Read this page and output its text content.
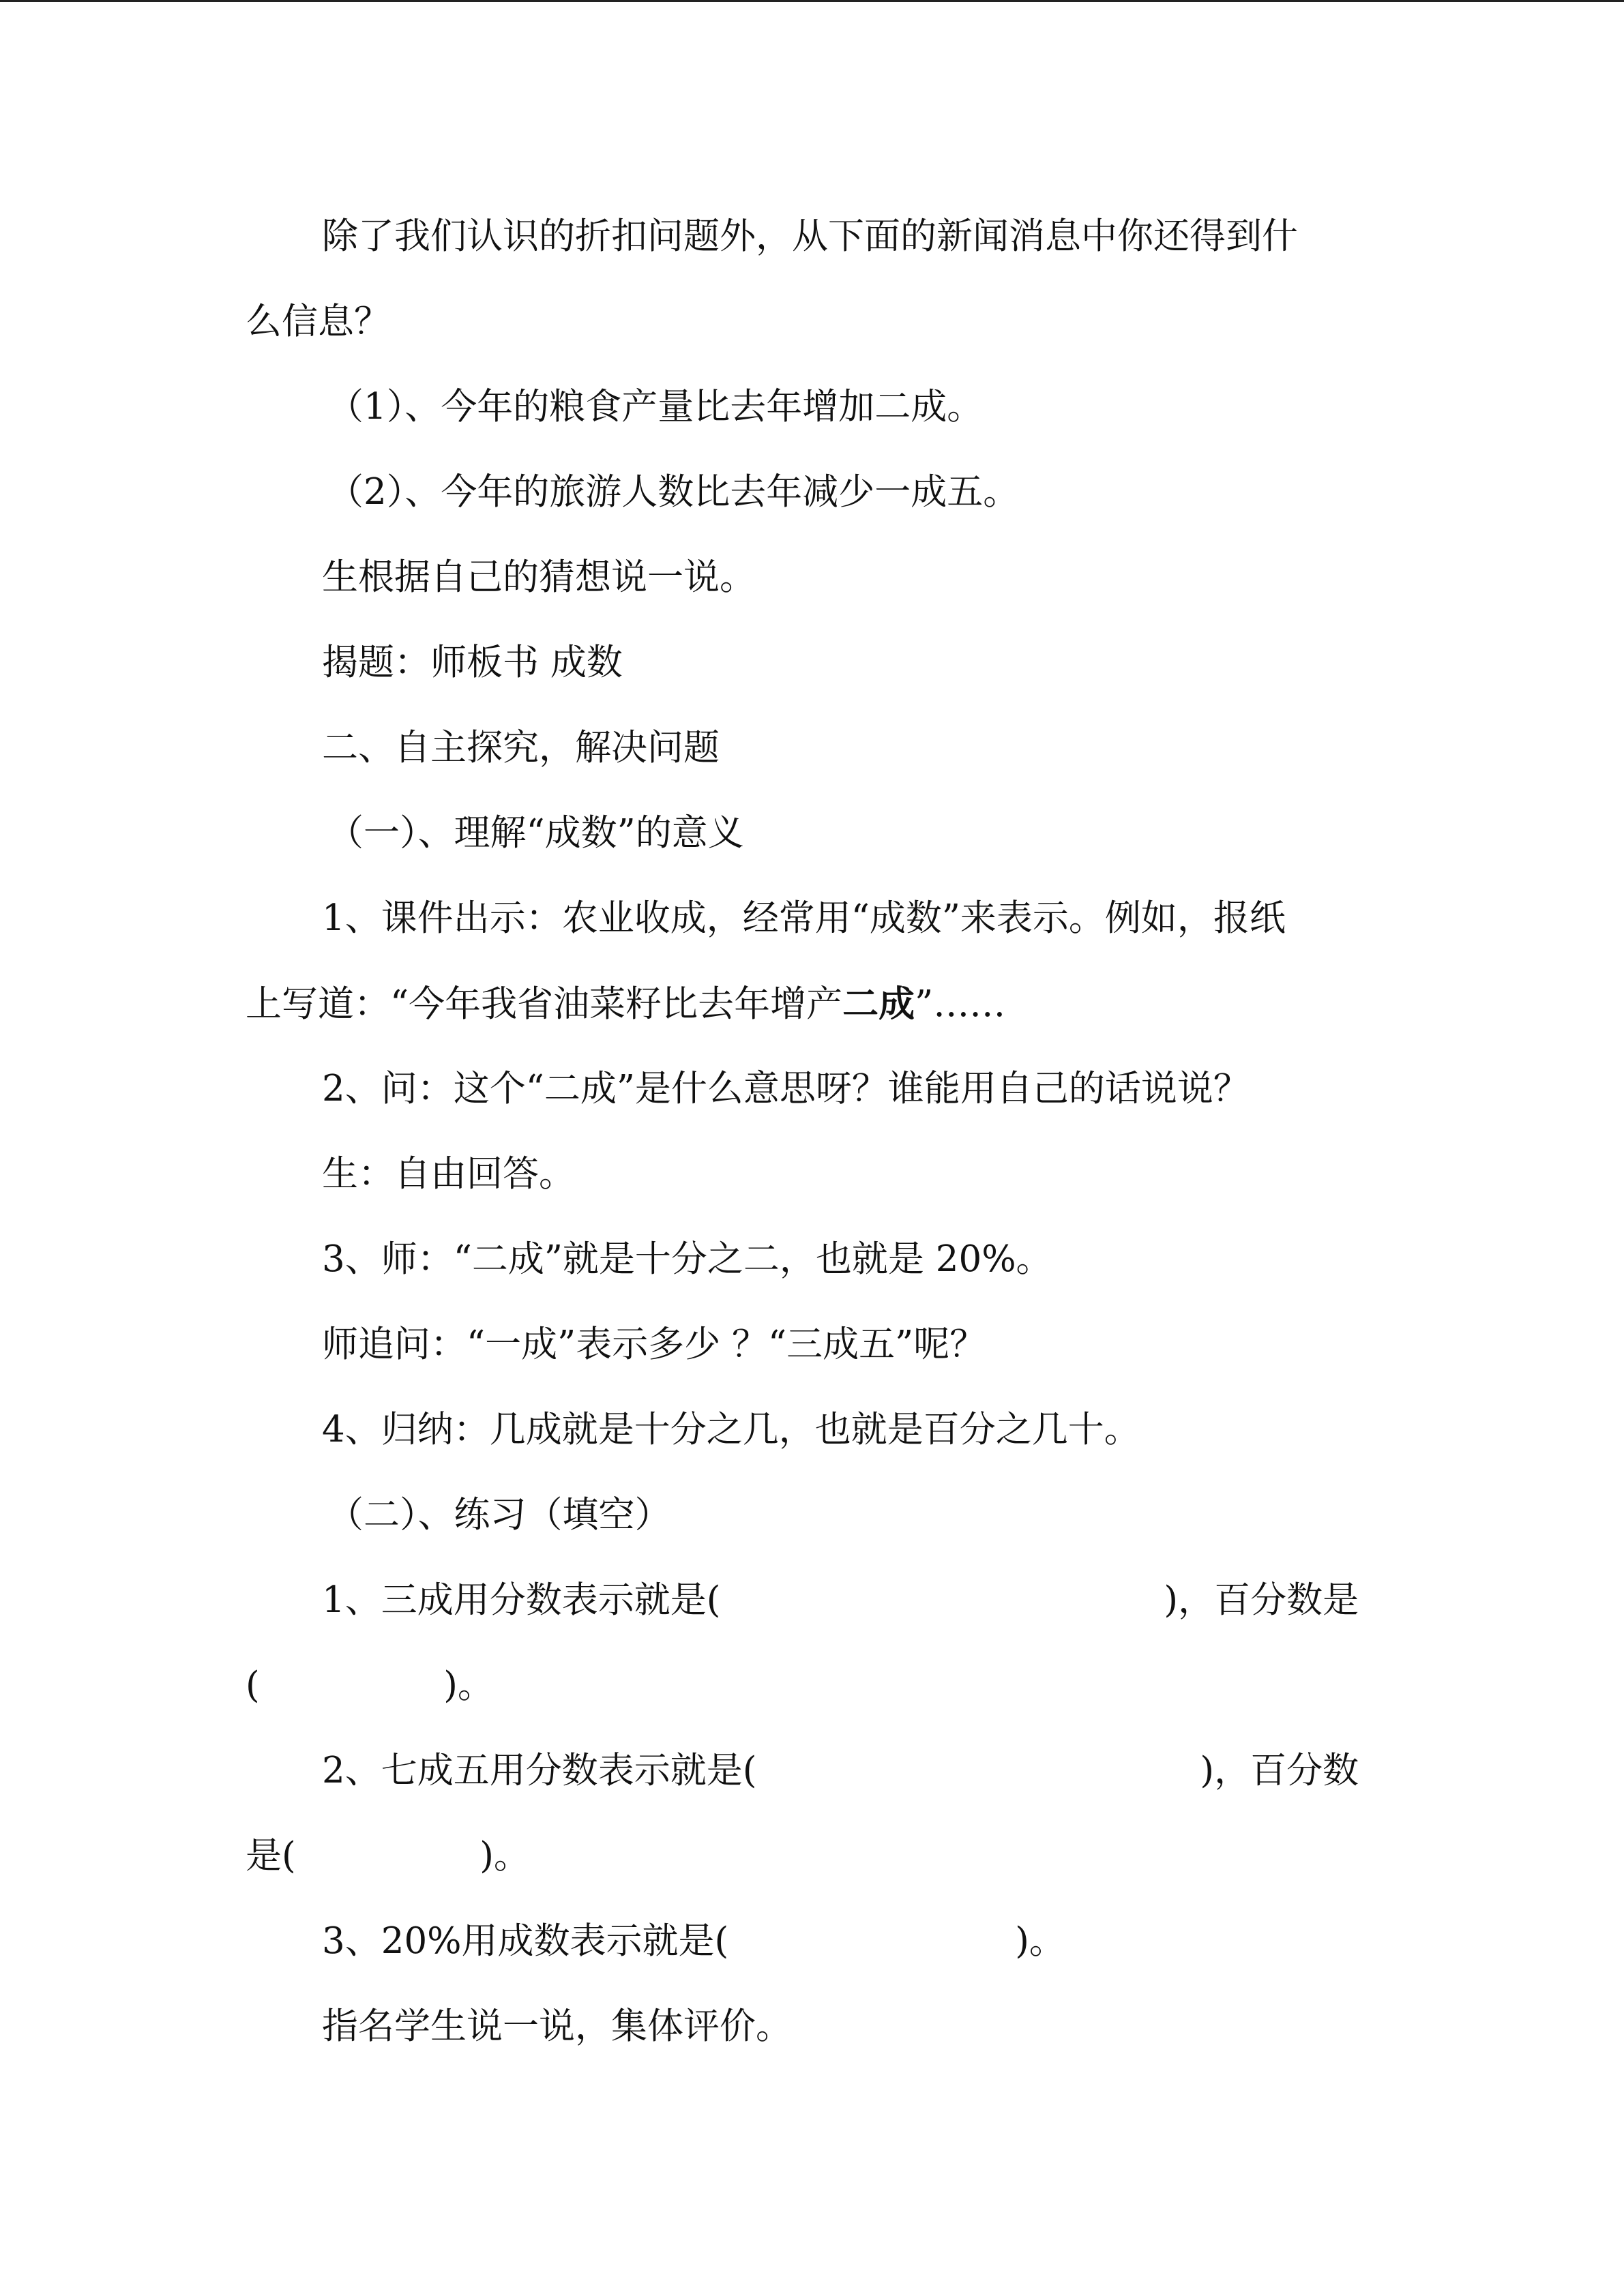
除了我们认识的折扣问题外，从下面的新闻消息中你还得到什
么信息？
（1）、今年的粮食产量比去年增加二成。
（2）、今年的旅游人数比去年减少一成五。
生根据自己的猜想说一说。
揭题：师板书 成数
二、自主探究，解决问题
（一）、理解“成数”的意义
1、课件出示：农业收成，经常用“成数”来表示。例如，报纸
上写道：“今年我省油菜籽比去年增产二成”……
2、问：这个“二成”是什么意思呀？谁能用自己的话说说？
生：自由回答。
3、师：“二成”就是十分之二，也就是 20%。
师追问：“一成”表示多少 ？“三成五”呢？
4、归纳：几成就是十分之几，也就是百分之几十。
（二）、练习（填空）
1、三成用分数表示就是(	)，百分数是
(                )。
2、七成五用分数表示就是(	)，百分数
是(                )。
3、20%用成数表示就是(	)。
指名学生说一说，集体评价。
